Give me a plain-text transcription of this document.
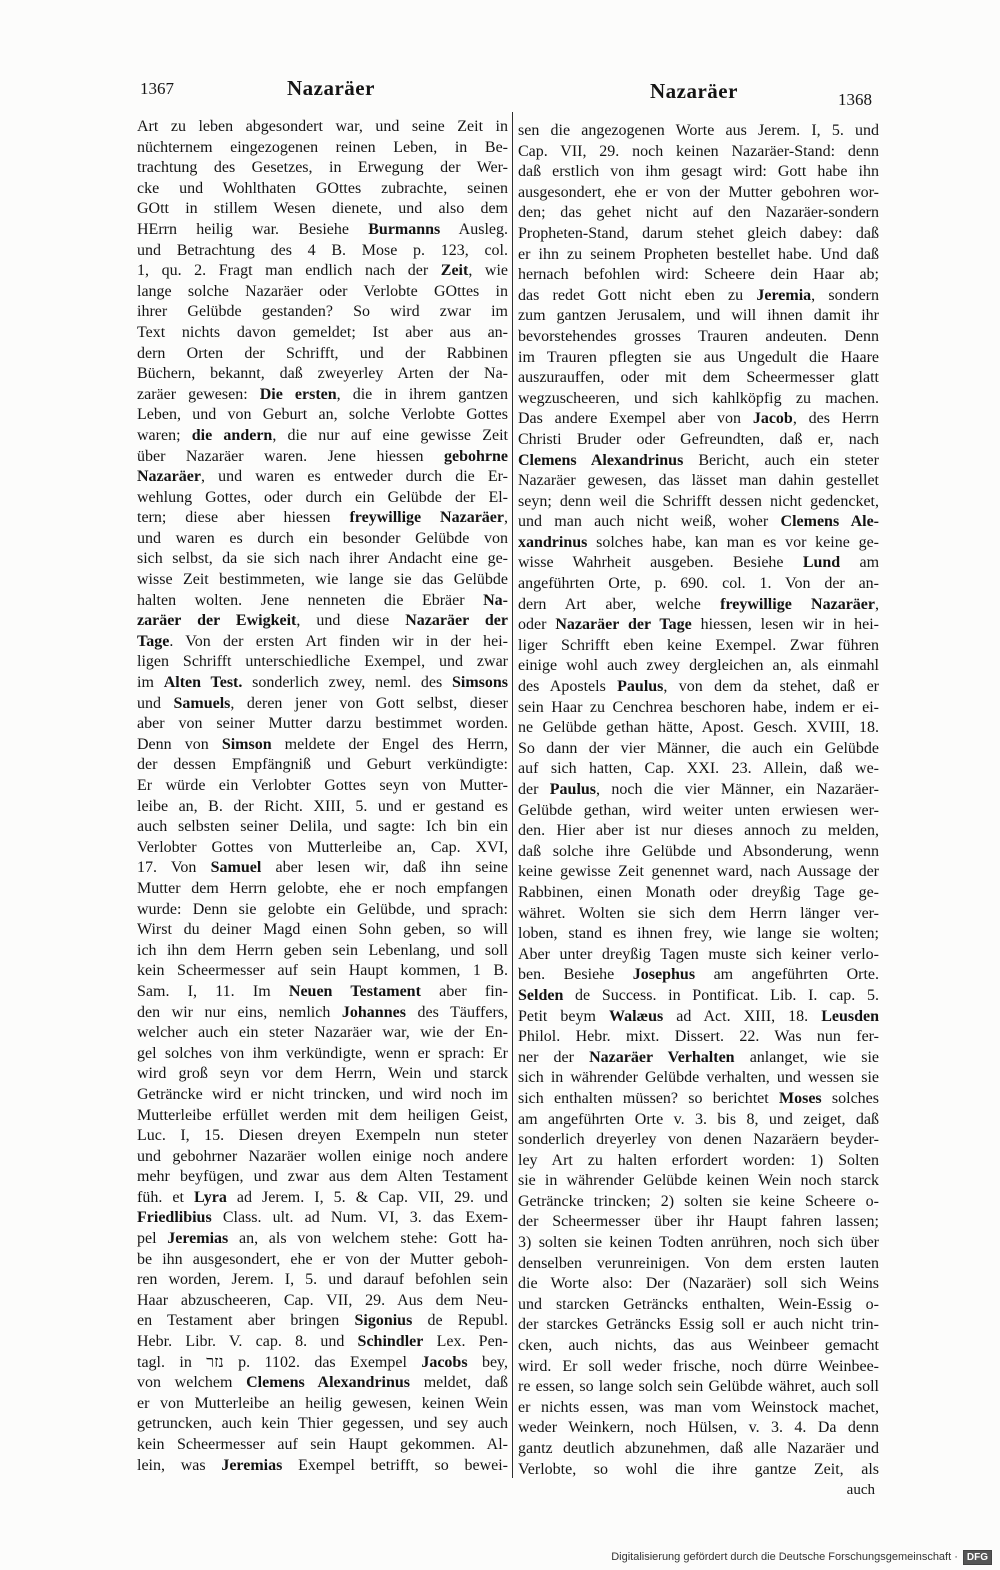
1367	Nazaräer	Nazaräer	1368
Art zu leben abgesondert war, und seine Zeit in
nüchternem eingezogenen reinen Leben, in Be-
trachtung des Gesetzes, in Erwegung der Wer-
cke und Wohlthaten GOttes zubrachte, seinen
GOtt in stillem Wesen dienete, und also dem
HErrn heilig war. Besiehe Burmanns Ausleg.
und Betrachtung des 4 B. Mose p. 123, col.
1, qu. 2. Fragt man endlich nach der Zeit, wie
lange solche Nazaräer oder Verlobte GOttes in
ihrer Gelübde gestanden? So wird zwar im
Text nichts davon gemeldet; Ist aber aus an-
dern Orten der Schrifft, und der Rabbinen
Büchern, bekannt, daß zweyerley Arten der Na-
zaräer gewesen: Die ersten, die in ihrem gantzen
Leben, und von Geburt an, solche Verlobte Gottes
waren; die andern, die nur auf eine gewisse Zeit
über Nazaräer waren. Jene hiessen gebohrne
Nazaräer, und waren es entweder durch die Er-
wehlung Gottes, oder durch ein Gelübde der El-
tern; diese aber hiessen freywillige Nazaräer,
und waren es durch ein besonder Gelübde von
sich selbst, da sie sich nach ihrer Andacht eine ge-
wisse Zeit bestimmeten, wie lange sie das Gelübde
halten wolten. Jene nenneten die Ebräer Na-
zaräer der Ewigkeit, und diese Nazaräer der
Tage. Von der ersten Art finden wir in der hei-
ligen Schrifft unterschiedliche Exempel, und zwar
im Alten Test. sonderlich zwey, neml. des Simsons
und Samuels, deren jener von Gott selbst, dieser
aber von seiner Mutter darzu bestimmet worden.
Denn von Simson meldete der Engel des Herrn,
der dessen Empfängniß und Geburt verkündigte:
Er würde ein Verlobter Gottes seyn von Mutter-
leibe an, B. der Richt. XIII, 5. und er gestand es
auch selbsten seiner Delila, und sagte: Ich bin ein
Verlobter Gottes von Mutterleibe an, Cap. XVI,
17. Von Samuel aber lesen wir, daß ihn seine
Mutter dem Herrn gelobte, ehe er noch empfangen
wurde: Denn sie gelobte ein Gelübde, und sprach:
Wirst du deiner Magd einen Sohn geben, so will
ich ihn dem Herrn geben sein Lebenlang, und soll
kein Scheermesser auf sein Haupt kommen, 1 B.
Sam. I, 11. Im Neuen Testament aber fin-
den wir nur eins, nemlich Johannes des Täuffers,
welcher auch ein steter Nazaräer war, wie der En-
gel solches von ihm verkündigte, wenn er sprach: Er
wird groß seyn vor dem Herrn, Wein und starck
Geträncke wird er nicht trincken, und wird noch im
Mutterleibe erfüllet werden mit dem heiligen Geist,
Luc. I, 15. Diesen dreyen Exempeln nun steter
und gebohrner Nazaräer wollen einige noch andere
mehr beyfügen, und zwar aus dem Alten Testament
füh. et Lyra ad Jerem. I, 5. & Cap. VII, 29. und
Friedlibius Class. ult. ad Num. VI, 3. das Exem-
pel Jeremias an, als von welchem stehe: Gott ha-
be ihn ausgesondert, ehe er von der Mutter geboh-
ren worden, Jerem. I, 5. und darauf befohlen sein
Haar abzuscheeren, Cap. VII, 29. Aus dem Neu-
en Testament aber bringen Sigonius de Republ.
Hebr. Libr. V. cap. 8. und Schindler Lex. Pen-
tagl. in נזר p. 1102. das Exempel Jacobs bey,
von welchem Clemens Alexandrinus meldet, daß
er von Mutterleibe an heilig gewesen, keinen Wein
getruncken, auch kein Thier gegessen, und sey auch
kein Scheermesser auf sein Haupt gekommen. Al-
lein, was Jeremias Exempel betrifft, so bewei-
sen die angezogenen Worte aus Jerem. I, 5. und
Cap. VII, 29. noch keinen Nazaräer-Stand: denn
daß erstlich von ihm gesagt wird: Gott habe ihn
ausgesondert, ehe er von der Mutter gebohren wor-
den; das gehet nicht auf den Nazaräer-sondern
Propheten-Stand, darum stehet gleich dabey: daß
er ihn zu seinem Propheten bestellet habe. Und daß
hernach befohlen wird: Scheere dein Haar ab;
das redet Gott nicht eben zu Jeremia, sondern
zum gantzen Jerusalem, und will ihnen damit ihr
bevorstehendes grosses Trauren andeuten. Denn
im Trauren pflegten sie aus Ungedult die Haare
auszurauffen, oder mit dem Scheermesser glatt
wegzuscheeren, und sich kahlköpfig zu machen.
Das andere Exempel aber von Jacob, des Herrn
Christi Bruder oder Gefreundten, daß er, nach
Clemens Alexandrinus Bericht, auch ein steter
Nazaräer gewesen, das lässet man dahin gestellet
seyn; denn weil die Schrifft dessen nicht gedencket,
und man auch nicht weiß, woher Clemens Ale-
xandrinus solches habe, kan man es vor keine ge-
wisse Wahrheit ausgeben. Besiehe Lund am
angeführten Orte, p. 690. col. 1. Von der an-
dern Art aber, welche freywillige Nazaräer,
oder Nazaräer der Tage hiessen, lesen wir in hei-
liger Schrifft eben keine Exempel. Zwar führen
einige wohl auch zwey dergleichen an, als einmahl
des Apostels Paulus, von dem da stehet, daß er
sein Haar zu Cenchrea beschoren habe, indem er ei-
ne Gelübde gethan hätte, Apost. Gesch. XVIII, 18.
So dann der vier Männer, die auch ein Gelübde
auf sich hatten, Cap. XXI. 23. Allein, daß we-
der Paulus, noch die vier Männer, ein Nazaräer-
Gelübde gethan, wird weiter unten erwiesen wer-
den. Hier aber ist nur dieses annoch zu melden,
daß solche ihre Gelübde und Absonderung, wenn
keine gewisse Zeit genennet ward, nach Aussage der
Rabbinen, einen Monath oder dreyßig Tage ge-
währet. Wolten sie sich dem Herrn länger ver-
loben, stand es ihnen frey, wie lange sie wolten;
Aber unter dreyßig Tagen muste sich keiner verlo-
ben. Besiehe Josephus am angeführten Orte.
Selden de Success. in Pontificat. Lib. I. cap. 5.
Petit beym Walæus ad Act. XIII, 18. Leusden
Philol. Hebr. mixt. Dissert. 22. Was nun fer-
ner der Nazaräer Verhalten anlanget, wie sie
sich in währender Gelübde verhalten, und wessen sie
sich enthalten müssen? so berichtet Moses solches
am angeführten Orte v. 3. bis 8, und zeiget, daß
sonderlich dreyerley von denen Nazaräern beyder-
ley Art zu halten erfordert worden: 1) Solten
sie in währender Gelübde keinen Wein noch starck
Geträncke trincken; 2) solten sie keine Scheere o-
der Scheermesser über ihr Haupt fahren lassen;
3) solten sie keinen Todten anrühren, noch sich über
denselben verunreinigen. Von dem ersten lauten
die Worte also: Der (Nazaräer) soll sich Weins
und starcken Geträncks enthalten, Wein-Essig o-
der starckes Geträncks Essig soll er auch nicht trin-
cken, auch nichts, das aus Weinbeer gemacht
wird. Er soll weder frische, noch dürre Weinbee-
re essen, so lange solch sein Gelübde währet, auch soll
er nichts essen, was man vom Weinstock machet,
weder Weinkern, noch Hülsen, v. 3. 4. Da denn
gantz deutlich abzunehmen, daß alle Nazaräer und
Verlobte, so wohl die ihre gantze Zeit, als
auch
Digitalisierung gefördert durch die Deutsche Forschungsgemeinschaft · DFG
